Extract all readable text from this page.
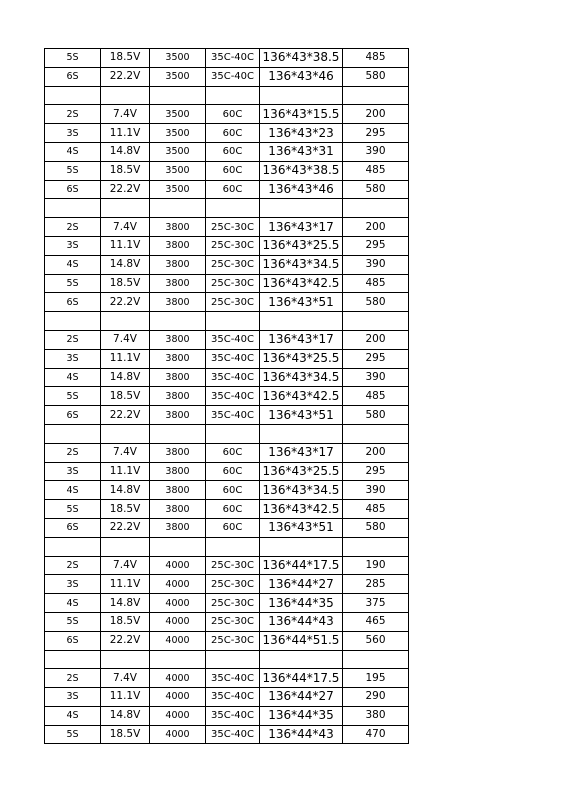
5S	18.5V	3500	35C-40C	136*43*38.5	485
6S	22.2V	3500	35C-40C	136*43*46	580

2S	7.4V	3500	60C	136*43*15.5	200
3S	11.1V	3500	60C	136*43*23	295
4S	14.8V	3500	60C	136*43*31	390
5S	18.5V	3500	60C	136*43*38.5	485
6S	22.2V	3500	60C	136*43*46	580

2S	7.4V	3800	25C-30C	136*43*17	200
3S	11.1V	3800	25C-30C	136*43*25.5	295
4S	14.8V	3800	25C-30C	136*43*34.5	390
5S	18.5V	3800	25C-30C	136*43*42.5	485
6S	22.2V	3800	25C-30C	136*43*51	580

2S	7.4V	3800	35C-40C	136*43*17	200
3S	11.1V	3800	35C-40C	136*43*25.5	295
4S	14.8V	3800	35C-40C	136*43*34.5	390
5S	18.5V	3800	35C-40C	136*43*42.5	485
6S	22.2V	3800	35C-40C	136*43*51	580

2S	7.4V	3800	60C	136*43*17	200
3S	11.1V	3800	60C	136*43*25.5	295
4S	14.8V	3800	60C	136*43*34.5	390
5S	18.5V	3800	60C	136*43*42.5	485
6S	22.2V	3800	60C	136*43*51	580

2S	7.4V	4000	25C-30C	136*44*17.5	190
3S	11.1V	4000	25C-30C	136*44*27	285
4S	14.8V	4000	25C-30C	136*44*35	375
5S	18.5V	4000	25C-30C	136*44*43	465
6S	22.2V	4000	25C-30C	136*44*51.5	560

2S	7.4V	4000	35C-40C	136*44*17.5	195
3S	11.1V	4000	35C-40C	136*44*27	290
4S	14.8V	4000	35C-40C	136*44*35	380
5S	18.5V	4000	35C-40C	136*44*43	470
